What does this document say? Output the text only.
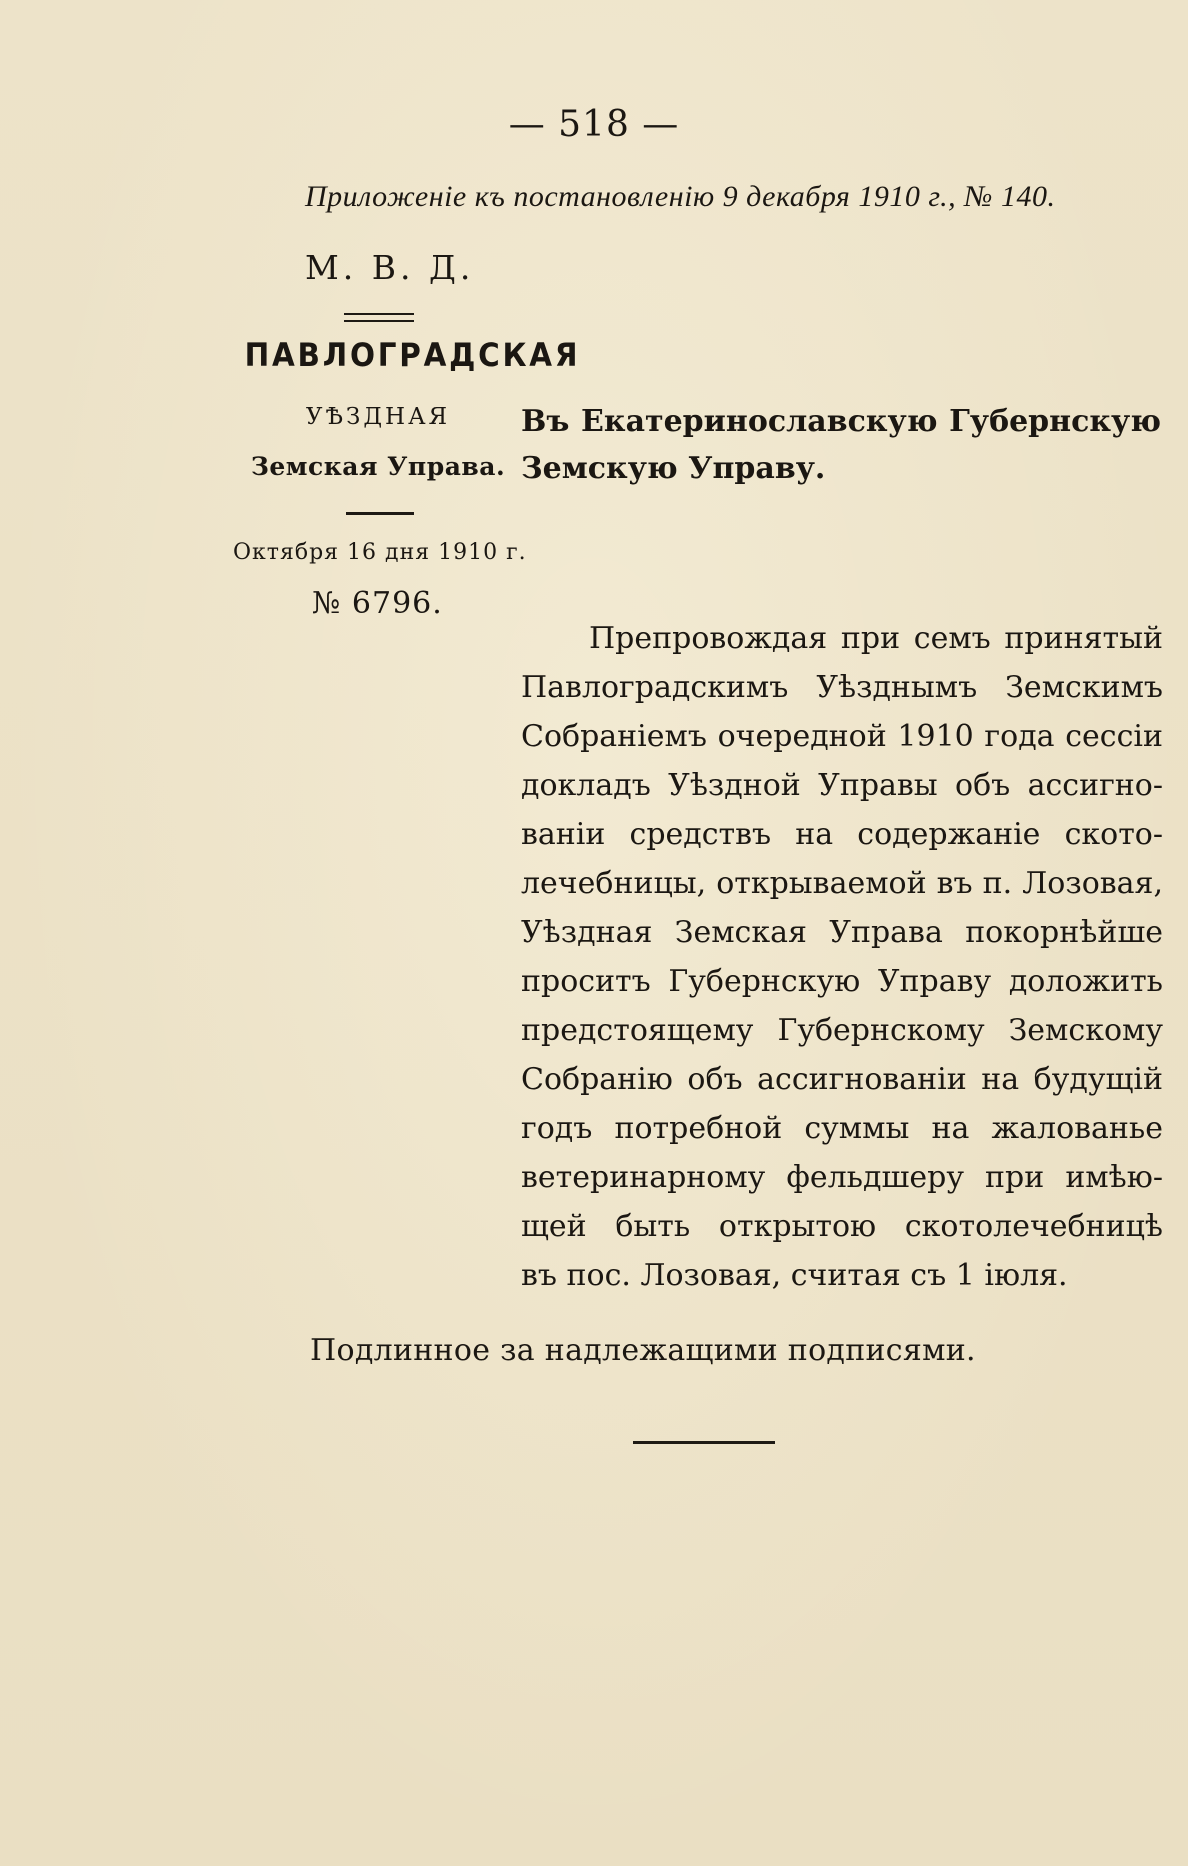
— 518 —
Приложеніе къ постановленію 9 декабря 1910 г., № 140.
М. В. Д.
ПАВЛОГРАДСКАЯ
УѢЗДНАЯ
Земская Управа.
Октября 16 дня 1910 г.
№ 6796.
Въ Екатеринославскую Губернскую
Земскую Управу.
Препровождая при семъ принятый
Павлоградскимъ Уѣзднымъ Земскимъ
Собраніемъ очередной 1910 года сессіи
докладъ Уѣздной Управы объ ассигно-
ваніи средствъ на содержаніе ското-
лечебницы, открываемой въ п. Лозовая,
Уѣздная Земская Управа покорнѣйше
проситъ Губернскую Управу доложить
предстоящему Губернскому Земскому
Собранію объ ассигнованіи на будущій
годъ потребной суммы на жалованье
ветеринарному фельдшеру при имѣю-
щей быть открытою скотолечебницѣ
въ пос. Лозовая, считая съ 1 іюля.
Подлинное за надлежащими подписями.
